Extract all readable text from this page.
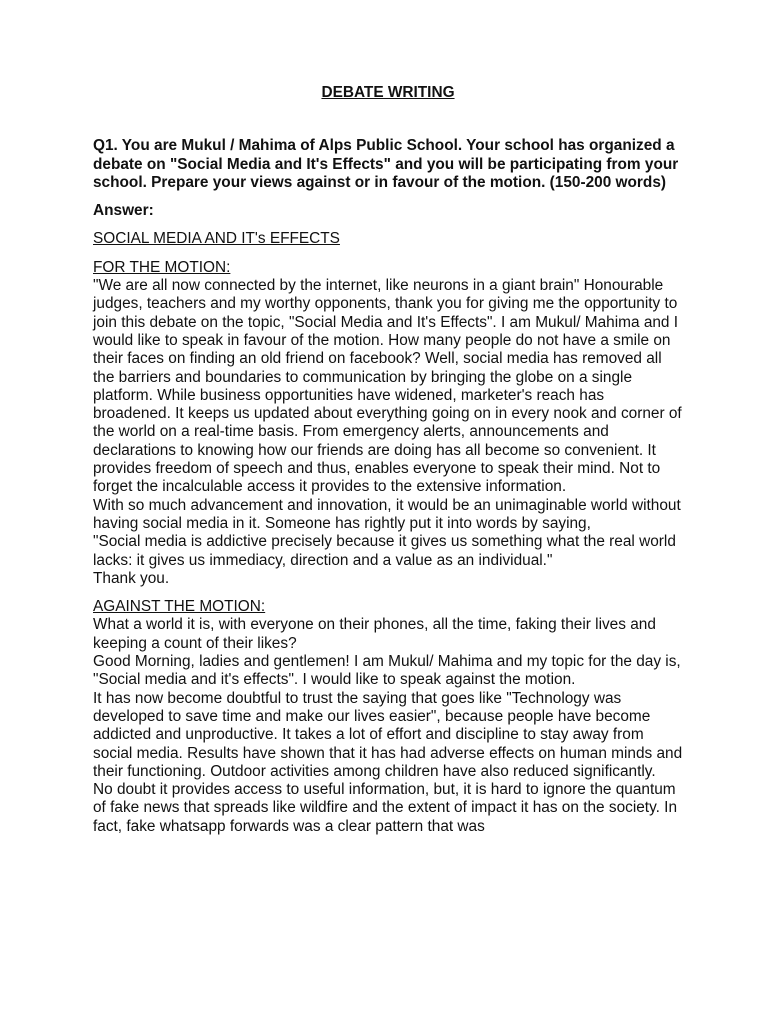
DEBATE WRITING
Q1. You are Mukul / Mahima of Alps Public School. Your school has organized a debate on "Social Media and It's Effects" and you will be participating from your school. Prepare your views against or in favour of the motion. (150-200 words)
Answer:
SOCIAL MEDIA AND IT's EFFECTS
FOR THE MOTION:
"We are all now connected by the internet, like neurons in a giant brain" Honourable judges, teachers and my worthy opponents, thank you for giving me the opportunity to join this debate on the topic, "Social Media and It's Effects". I am Mukul/ Mahima and I would like to speak in favour of the motion. How many people do not have a smile on their faces on finding an old friend on facebook? Well, social media has removed all the barriers and boundaries to communication by bringing the globe on a single platform. While business opportunities have widened, marketer's reach has broadened. It keeps us updated about everything going on in every nook and corner of the world on a real-time basis. From emergency alerts, announcements and declarations to knowing how our friends are doing has all become so convenient. It provides freedom of speech and thus, enables everyone to speak their mind. Not to forget the incalculable access it provides to the extensive information.
With so much advancement and innovation, it would be an unimaginable world without having social media in it. Someone has rightly put it into words by saying,
"Social media is addictive precisely because it gives us something what the real world lacks: it gives us immediacy, direction and a value as an individual."
Thank you.
AGAINST THE MOTION:
What a world it is, with everyone on their phones, all the time, faking their lives and keeping a count of their likes?
Good Morning, ladies and gentlemen! I am Mukul/ Mahima and my topic for the day is, "Social media and it's effects". I would like to speak against the motion.
It has now become doubtful to trust the saying that goes like "Technology was developed to save time and make our lives easier", because people have become addicted and unproductive. It takes a lot of effort and discipline to stay away from social media. Results have shown that it has had adverse effects on human minds and their functioning. Outdoor activities among children have also reduced significantly.
No doubt it provides access to useful information, but, it is hard to ignore the quantum of fake news that spreads like wildfire and the extent of impact it has on the society. In fact, fake whatsapp forwards was a clear pattern that was
